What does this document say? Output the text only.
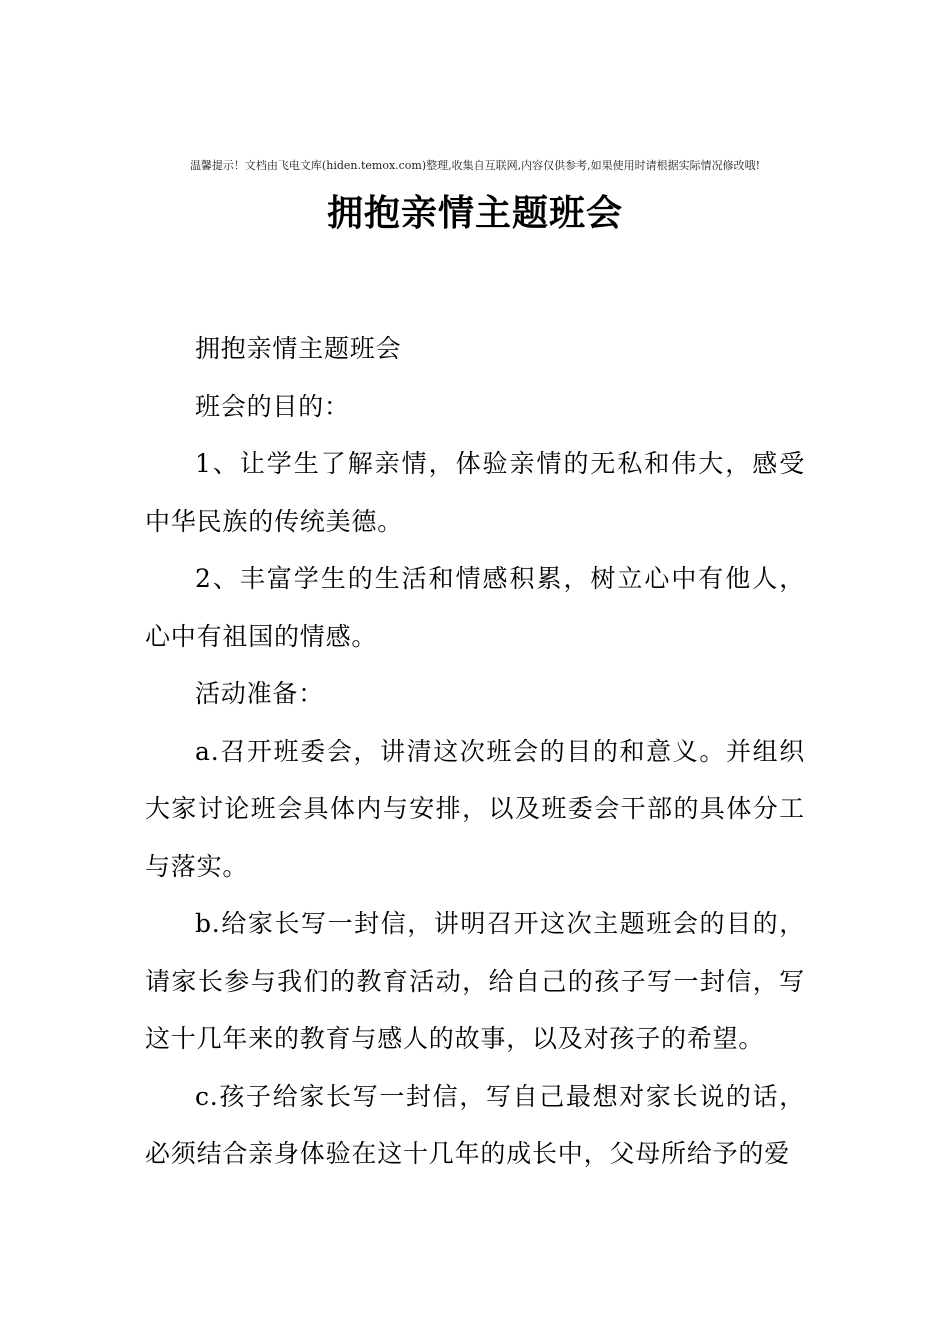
温馨提示！文档由飞电文库(hiden.temox.com)整理,收集自互联网,内容仅供参考,如果使用时请根据实际情况修改哦!
拥抱亲情主题班会

拥抱亲情主题班会

班会的目的：

1、让学生了解亲情，体验亲情的无私和伟大，感受中华民族的传统美德。

2、丰富学生的生活和情感积累，树立心中有他人，心中有祖国的情感。

活动准备：

a.召开班委会，讲清这次班会的目的和意义。并组织大家讨论班会具体内与安排，以及班委会干部的具体分工与落实。

b.给家长写一封信，讲明召开这次主题班会的目的，请家长参与我们的教育活动，给自己的孩子写一封信，写这十几年来的教育与感人的故事，以及对孩子的希望。

c.孩子给家长写一封信，写自己最想对家长说的话，必须结合亲身体验在这十几年的成长中，父母所给予的爱
